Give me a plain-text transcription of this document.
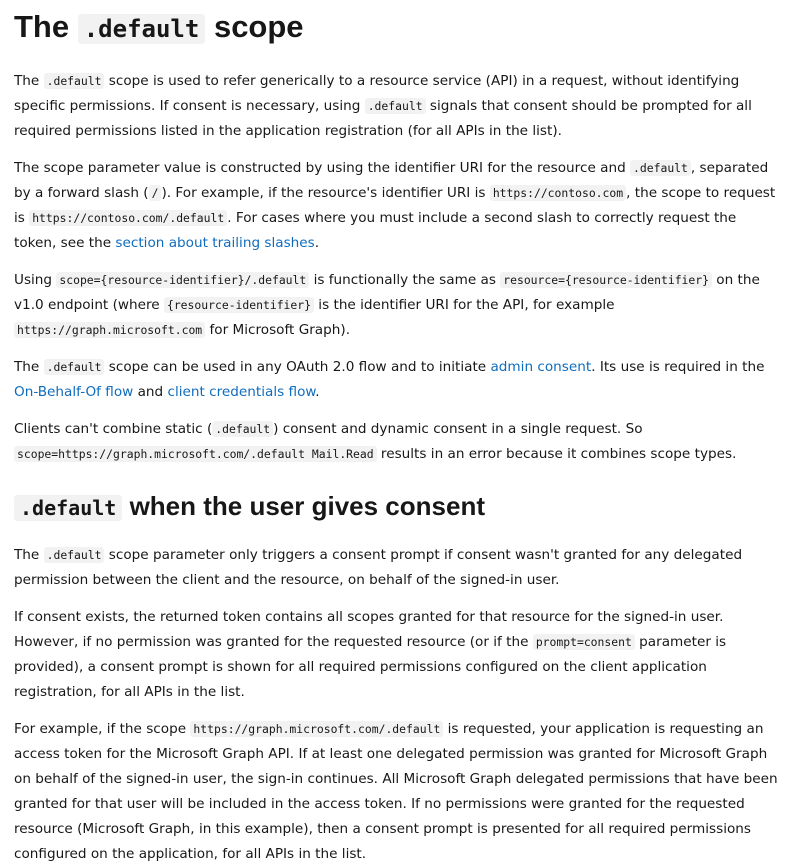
The .default scope

The .default scope is used to refer generically to a resource service (API) in a request, without identifying specific permissions. If consent is necessary, using .default signals that consent should be prompted for all required permissions listed in the application registration (for all APIs in the list).

The scope parameter value is constructed by using the identifier URI for the resource and .default , separated by a forward slash ( / ). For example, if the resource's identifier URI is https://contoso.com , the scope to request is https://contoso.com/.default . For cases where you must include a second slash to correctly request the token, see the section about trailing slashes.

Using scope={resource-identifier}/.default is functionally the same as resource={resource-identifier} on the v1.0 endpoint (where {resource-identifier} is the identifier URI for the API, for example https://graph.microsoft.com for Microsoft Graph).

The .default scope can be used in any OAuth 2.0 flow and to initiate admin consent. Its use is required in the On-Behalf-Of flow and client credentials flow.

Clients can't combine static ( .default ) consent and dynamic consent in a single request. So scope=https://graph.microsoft.com/.default Mail.Read results in an error because it combines scope types.

.default when the user gives consent

The .default scope parameter only triggers a consent prompt if consent wasn't granted for any delegated permission between the client and the resource, on behalf of the signed-in user.

If consent exists, the returned token contains all scopes granted for that resource for the signed-in user. However, if no permission was granted for the requested resource (or if the prompt=consent parameter is provided), a consent prompt is shown for all required permissions configured on the client application registration, for all APIs in the list.

For example, if the scope https://graph.microsoft.com/.default is requested, your application is requesting an access token for the Microsoft Graph API. If at least one delegated permission was granted for Microsoft Graph on behalf of the signed-in user, the sign-in continues. All Microsoft Graph delegated permissions that have been granted for that user will be included in the access token. If no permissions were granted for the requested resource (Microsoft Graph, in this example), then a consent prompt is presented for all required permissions configured on the application, for all APIs in the list.
